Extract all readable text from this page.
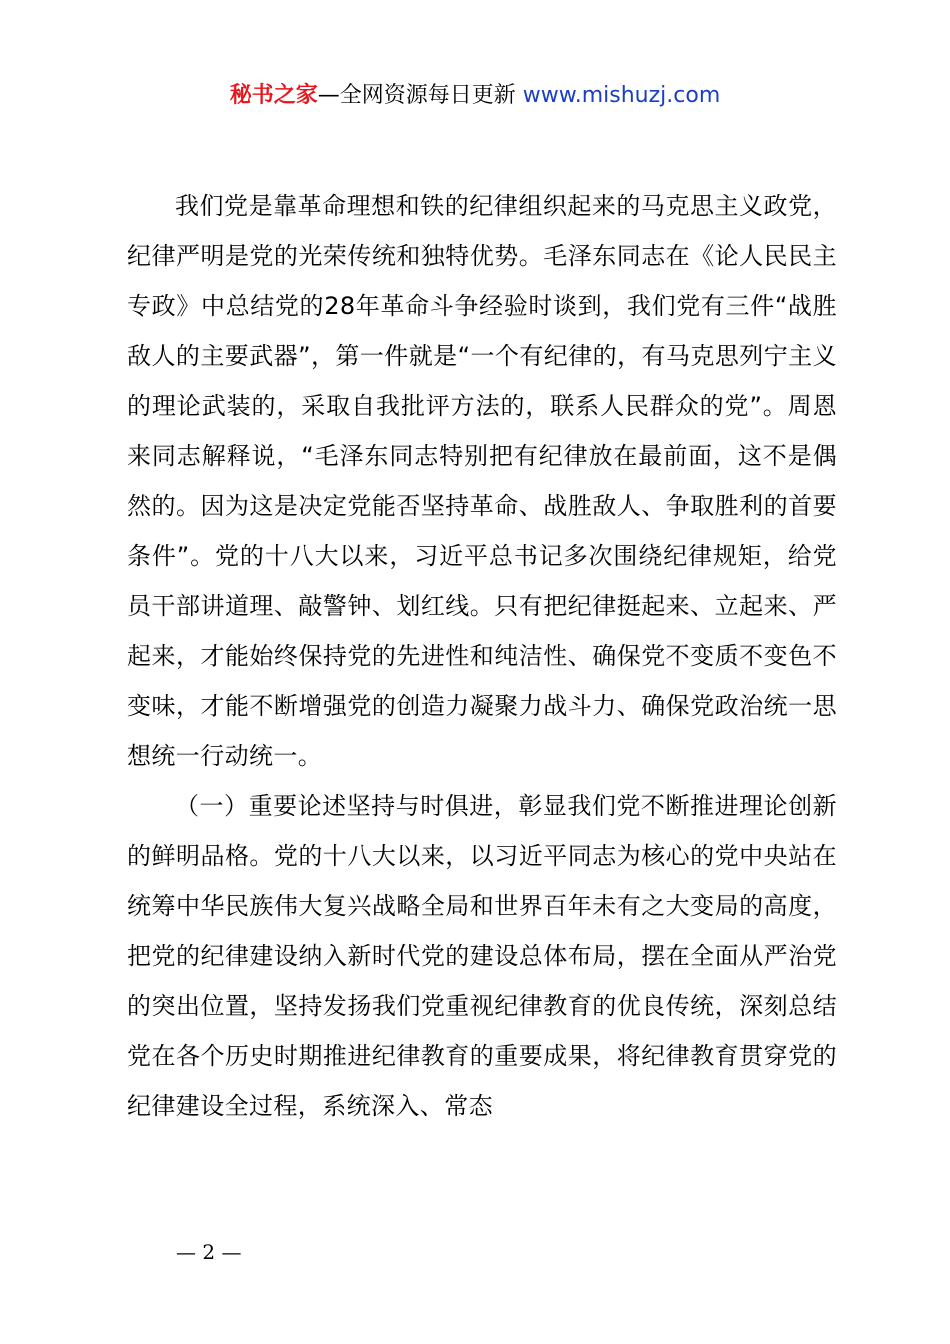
秘书之家—全网资源每日更新 www.mishuzj.com

我们党是靠革命理想和铁的纪律组织起来的马克思主义政党，纪律严明是党的光荣传统和独特优势。毛泽东同志在《论人民民主专政》中总结党的28年革命斗争经验时谈到，我们党有三件“战胜敌人的主要武器”，第一件就是“一个有纪律的，有马克思列宁主义的理论武装的，采取自我批评方法的，联系人民群众的党”。周恩来同志解释说，“毛泽东同志特别把有纪律放在最前面，这不是偶然的。因为这是决定党能否坚持革命、战胜敌人、争取胜利的首要条件”。党的十八大以来，习近平总书记多次围绕纪律规矩，给党员干部讲道理、敲警钟、划红线。只有把纪律挺起来、立起来、严起来，才能始终保持党的先进性和纯洁性、确保党不变质不变色不变味，才能不断增强党的创造力凝聚力战斗力、确保党政治统一思想统一行动统一。

（一）重要论述坚持与时俱进，彰显我们党不断推进理论创新的鲜明品格。党的十八大以来，以习近平同志为核心的党中央站在统筹中华民族伟大复兴战略全局和世界百年未有之大变局的高度，把党的纪律建设纳入新时代党的建设总体布局，摆在全面从严治党的突出位置，坚持发扬我们党重视纪律教育的优良传统，深刻总结党在各个历史时期推进纪律教育的重要成果，将纪律教育贯穿党的纪律建设全过程，系统深入、常态

— 2 —
